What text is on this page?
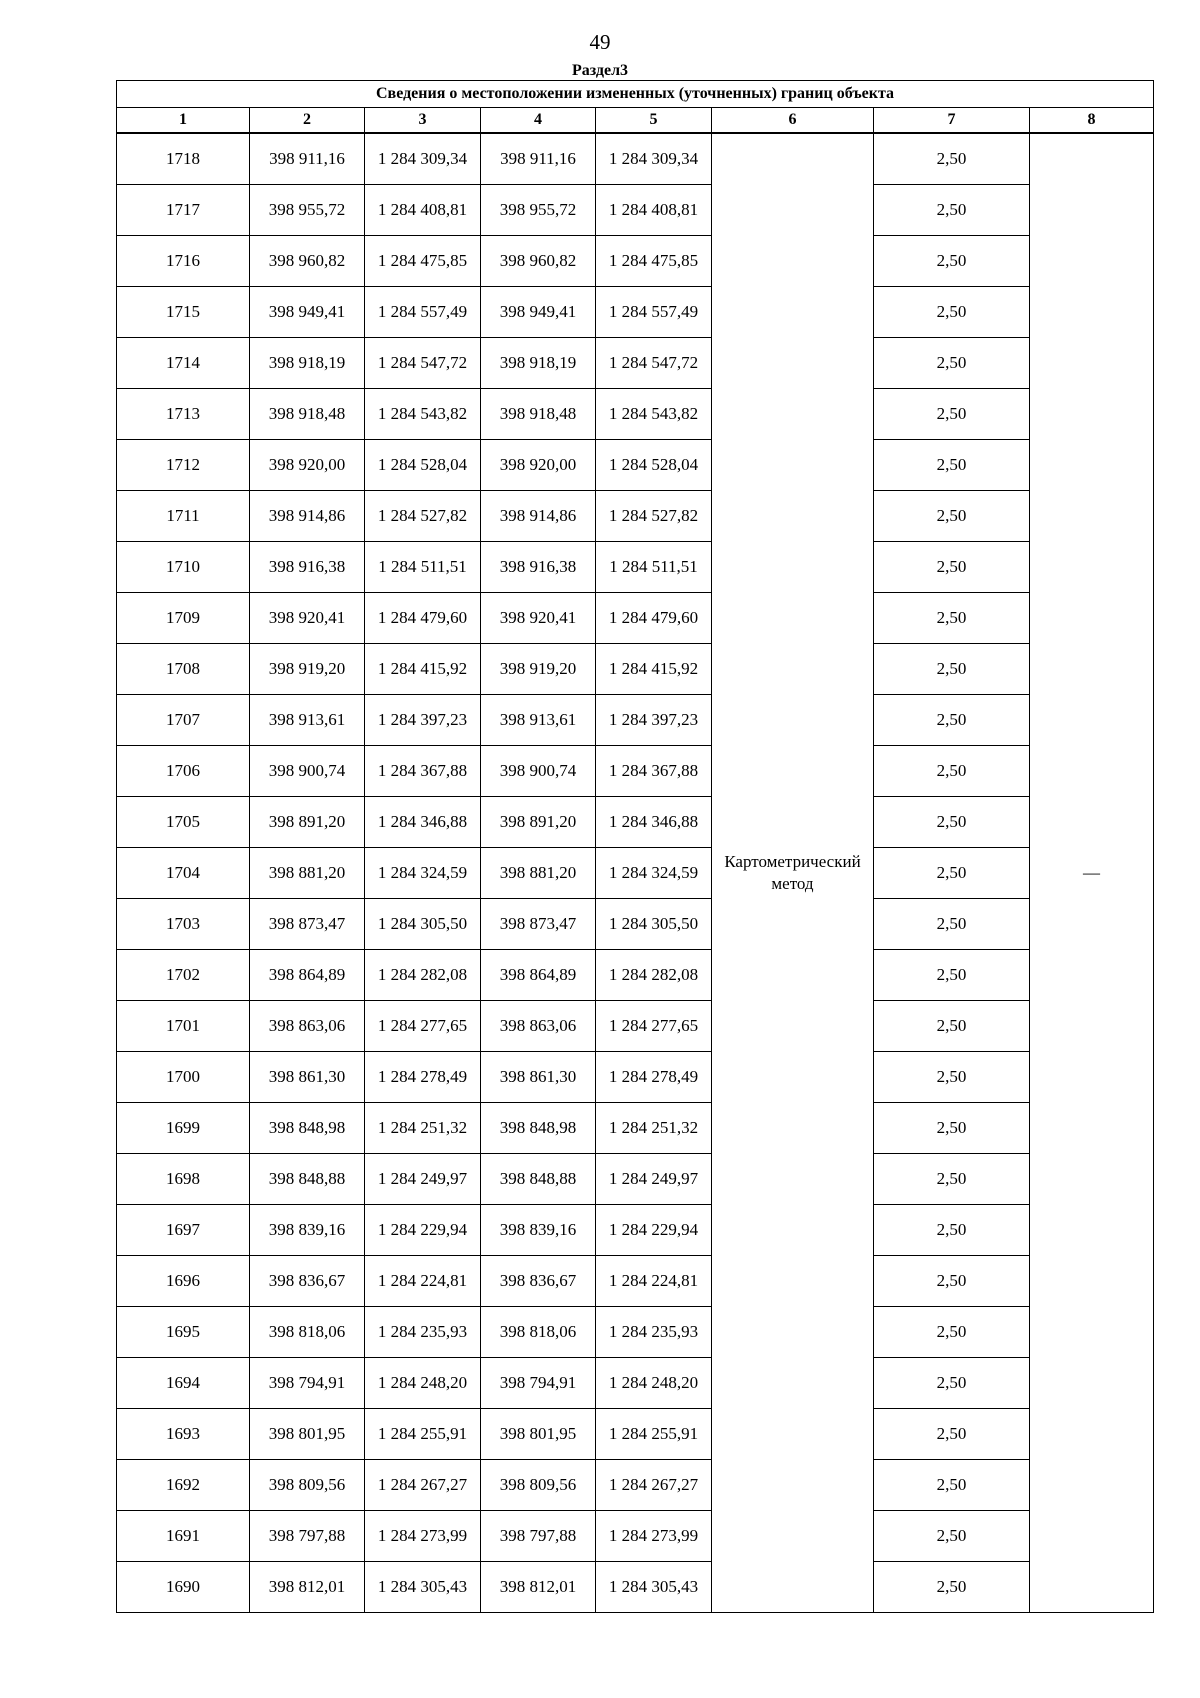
49
Раздел3
Сведения о местоположении измененных (уточненных) границ объекта							
1	2	3	4	5	6	7	8
1718	398 911,16	1 284 309,34	398 911,16	1 284 309,34	Картометрический метод	2,50	—
1717	398 955,72	1 284 408,81	398 955,72	1 284 408,81		2,50	
1716	398 960,82	1 284 475,85	398 960,82	1 284 475,85		2,50	
1715	398 949,41	1 284 557,49	398 949,41	1 284 557,49		2,50	
1714	398 918,19	1 284 547,72	398 918,19	1 284 547,72		2,50	
1713	398 918,48	1 284 543,82	398 918,48	1 284 543,82		2,50	
1712	398 920,00	1 284 528,04	398 920,00	1 284 528,04		2,50	
1711	398 914,86	1 284 527,82	398 914,86	1 284 527,82		2,50	
1710	398 916,38	1 284 511,51	398 916,38	1 284 511,51		2,50	
1709	398 920,41	1 284 479,60	398 920,41	1 284 479,60		2,50	
1708	398 919,20	1 284 415,92	398 919,20	1 284 415,92		2,50	
1707	398 913,61	1 284 397,23	398 913,61	1 284 397,23		2,50	
1706	398 900,74	1 284 367,88	398 900,74	1 284 367,88		2,50	
1705	398 891,20	1 284 346,88	398 891,20	1 284 346,88		2,50	
1704	398 881,20	1 284 324,59	398 881,20	1 284 324,59		2,50	
1703	398 873,47	1 284 305,50	398 873,47	1 284 305,50		2,50	
1702	398 864,89	1 284 282,08	398 864,89	1 284 282,08		2,50	
1701	398 863,06	1 284 277,65	398 863,06	1 284 277,65		2,50	
1700	398 861,30	1 284 278,49	398 861,30	1 284 278,49		2,50	
1699	398 848,98	1 284 251,32	398 848,98	1 284 251,32		2,50	
1698	398 848,88	1 284 249,97	398 848,88	1 284 249,97		2,50	
1697	398 839,16	1 284 229,94	398 839,16	1 284 229,94		2,50	
1696	398 836,67	1 284 224,81	398 836,67	1 284 224,81		2,50	
1695	398 818,06	1 284 235,93	398 818,06	1 284 235,93		2,50	
1694	398 794,91	1 284 248,20	398 794,91	1 284 248,20		2,50	
1693	398 801,95	1 284 255,91	398 801,95	1 284 255,91		2,50	
1692	398 809,56	1 284 267,27	398 809,56	1 284 267,27		2,50	
1691	398 797,88	1 284 273,99	398 797,88	1 284 273,99		2,50	
1690	398 812,01	1 284 305,43	398 812,01	1 284 305,43		2,50	
